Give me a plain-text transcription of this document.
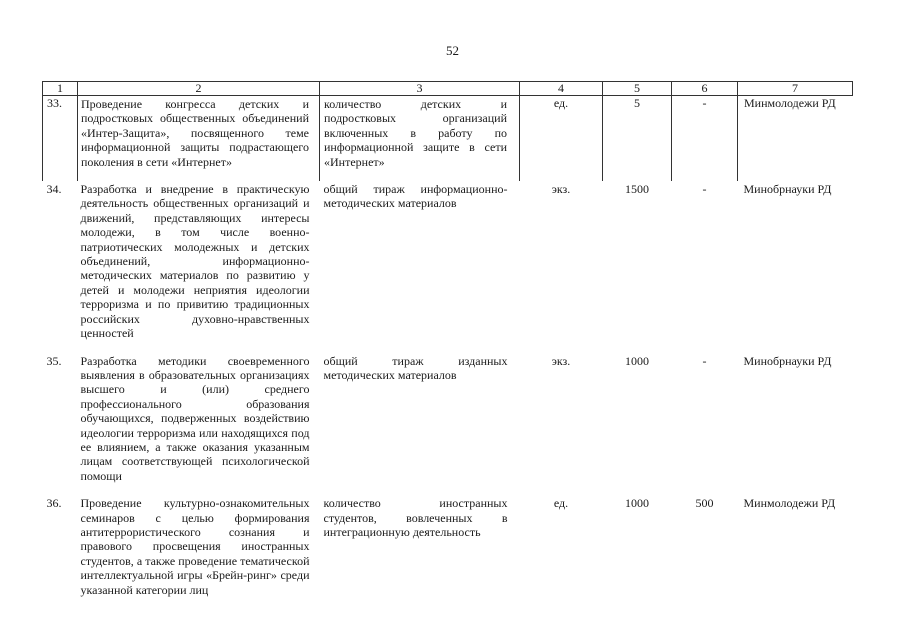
52
1	2	3	4	5	6	7
33.	Проведение конгресса детских и подростковых общественных объединений «Интер-Защита», посвященного теме информационной защиты подрастающего поколения в сети «Интернет»	количество детских и подростковых организаций включенных в работу по информационной защите в сети «Интернет»	ед.	5	-	Минмолодежи РД
34.	Разработка и внедрение в практическую деятельность общественных организаций и движений, представляющих интересы молодежи, в том числе военно-патриотических молодежных и детских объединений, информационно-методических материалов по развитию у детей и молодежи неприятия идеологии терроризма и по привитию традиционных российских духовно-нравственных ценностей	общий тираж информационно-методических материалов	экз.	1500	-	Минобрнауки РД
35.	Разработка методики своевременного выявления в образовательных организациях высшего и (или) среднего профессионального образования обучающихся, подверженных воздействию идеологии терроризма или находящихся под ее влиянием, а также оказания указанным лицам соответствующей психологической помощи	общий тираж изданных методических материалов	экз.	1000	-	Минобрнауки РД
36.	Проведение культурно-ознакомительных семинаров с целью формирования антитеррористического сознания и правового просвещения иностранных студентов, а также проведение тематической интеллектуальной игры «Брейн-ринг» среди указанной категории лиц	количество иностранных студентов, вовлеченных в интеграционную деятельность	ед.	1000	500	Минмолодежи РД
